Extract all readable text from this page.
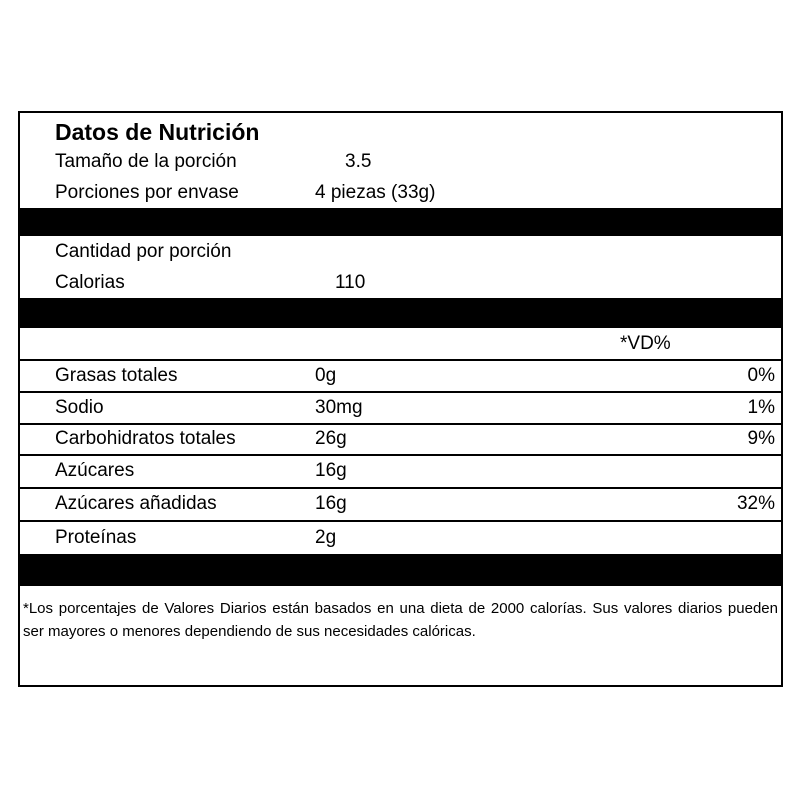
Datos de Nutrición
Tamaño de la porción	3.5
Porciones por envase	4 piezas (33g)
Cantidad por porción
Calorias	110
*VD%
Grasas totales	0g	0%
Sodio	30mg	1%
Carbohidratos totales	26g	9%
Azúcares	16g
Azúcares añadidas	16g	32%
Proteínas	2g
*Los porcentajes de Valores Diarios están basados en una dieta de 2000 calorías. Sus valores diarios pueden ser mayores o menores dependiendo de sus necesidades calóricas.
